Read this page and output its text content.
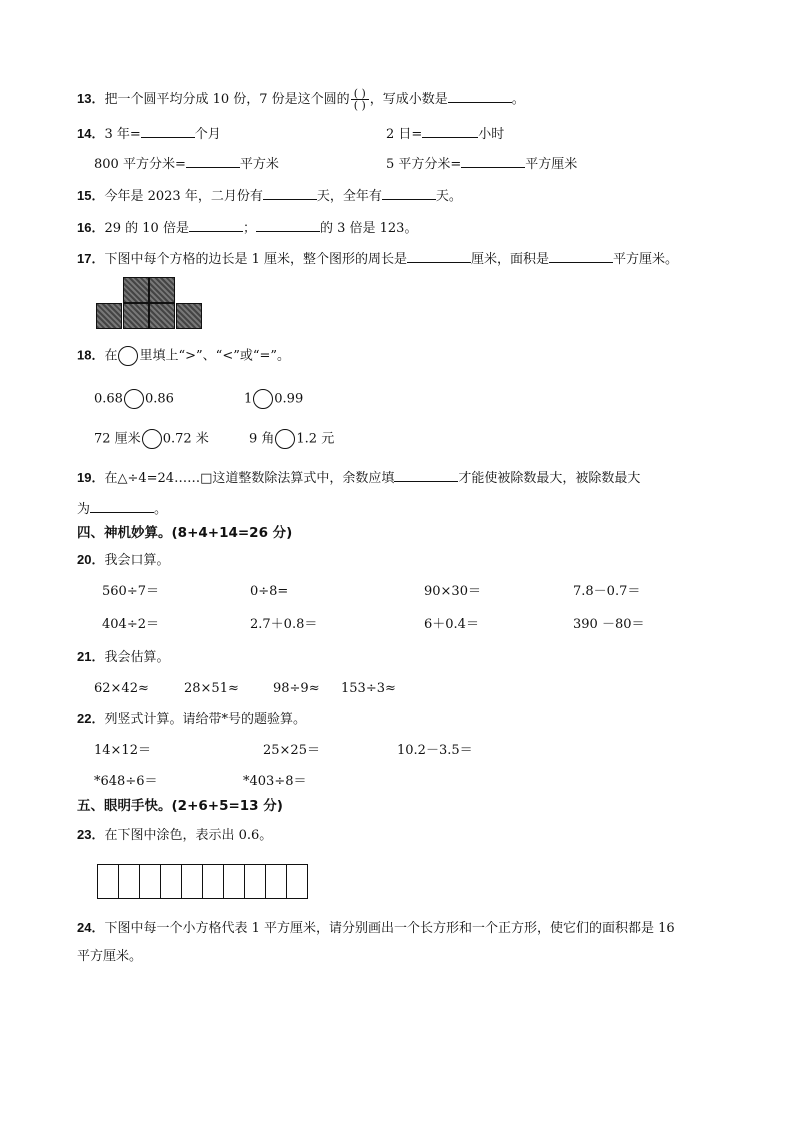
13．把一个圆平均分成 10 份，7 份是这个圆的 $\frac{( )}{( )}$ ，写成小数是	。
14．3 年=	个月	2 日=	小时
800 平方分米=	平方米	5 平方分米=	平方厘米
15．今年是 2023 年，二月份有	天，全年有	天。
16．29 的 10 倍是	；	的 3 倍是 123。
17．下图中每个方格的边长是 1 厘米，整个图形的周长是	厘米，面积是	平方厘米。
18．在 里填上“>”、“<”或“=”。
0.68 0.86	1 0.99
72 厘米 0.72 米	9 角 1.2 元
19．在△÷4=24……□这道整数除法算式中，余数应填	才能使被除数最大，被除数最大
为	。
四、神机妙算。(8+4+14=26 分)
20．我会口算。
560÷7＝	0÷8=	90×30＝	7.8－0.7＝
404÷2＝	2.7＋0.8＝	6＋0.4＝	390 －80＝
21．我会估算。
62×42≈	28×51≈	98÷9≈ 153÷3≈
22．列竖式计算。请给带*号的题验算。
14×12＝	25×25＝	10.2－3.5＝
*648÷6＝	*403÷8＝
五、眼明手快。(2+6+5=13 分)
23．在下图中涂色，表示出 0.6。
24．下图中每一个小方格代表 1 平方厘米，请分别画出一个长方形和一个正方形，使它们的面积都是 16
平方厘米。
